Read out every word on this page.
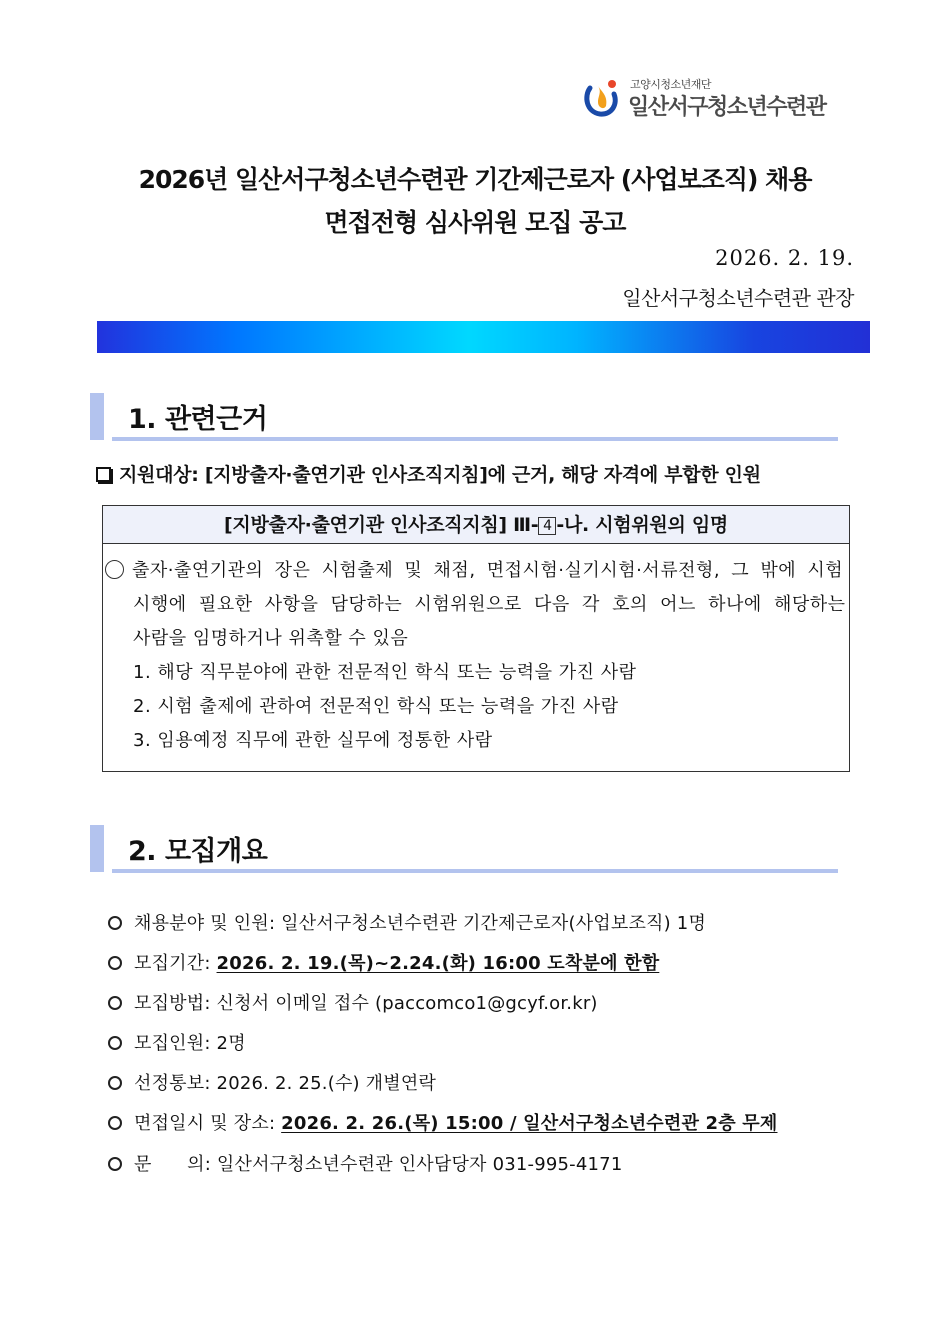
고양시청소년재단
일산서구청소년수련관
2026년 일산서구청소년수련관 기간제근로자 (사업보조직) 채용
면접전형 심사위원 모집 공고
2026. 2. 19.
일산서구청소년수련관 관장
1. 관련근거
지원대상: [지방출자·출연기관 인사조직지침]에 근거, 해당 자격에 부합한 인원
[지방출자·출연기관 인사조직지침] Ⅲ- 4 -나. 시험위원의 임명
출자·출연기관의 장은 시험출제 및 채점, 면접시험·실기시험·서류전형, 그 밖에 시험
시행에 필요한 사항을 담당하는 시험위원으로 다음 각 호의 어느 하나에 해당하는
사람을 임명하거나 위촉할 수 있음
1. 해당 직무분야에 관한 전문적인 학식 또는 능력을 가진 사람
2. 시험 출제에 관하여 전문적인 학식 또는 능력을 가진 사람
3. 임용예정 직무에 관한 실무에 정통한 사람
2. 모집개요
채용분야 및 인원: 일산서구청소년수련관 기간제근로자(사업보조직) 1명
모집기간: 2026. 2. 19.(목)~2.24.(화) 16:00 도착분에 한함
모집방법: 신청서 이메일 접수 (paccomco1@gcyf.or.kr)
모집인원: 2명
선정통보: 2026. 2. 25.(수) 개별연락
면접일시 및 장소: 2026. 2. 26.(목) 15:00 / 일산서구청소년수련관 2층 무제
문      의: 일산서구청소년수련관 인사담당자 031-995-4171
